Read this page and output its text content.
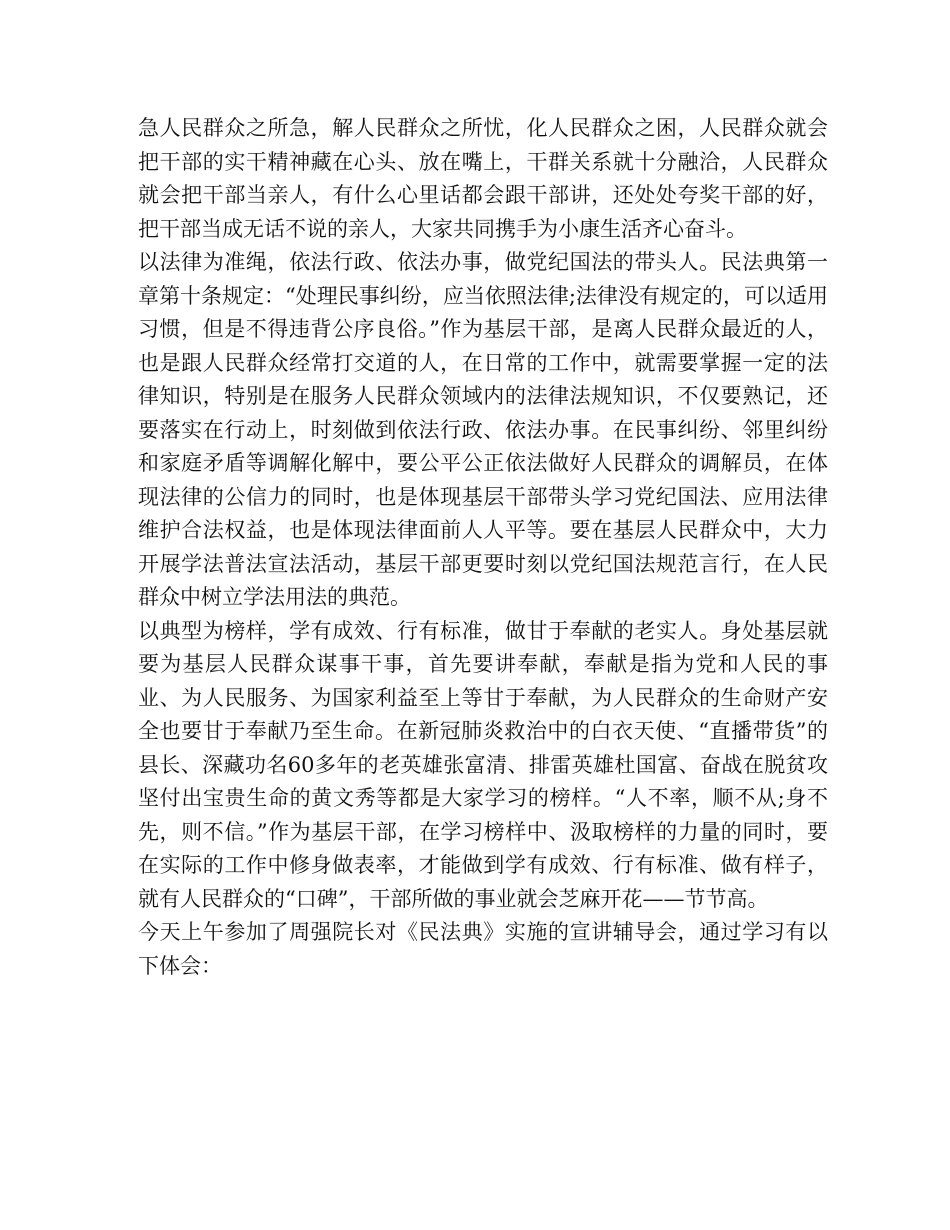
急人民群众之所急，解人民群众之所忧，化人民群众之困，人民群众就会把干部的实干精神藏在心头、放在嘴上，干群关系就十分融洽，人民群众就会把干部当亲人，有什么心里话都会跟干部讲，还处处夸奖干部的好，把干部当成无话不说的亲人，大家共同携手为小康生活齐心奋斗。

以法律为准绳，依法行政、依法办事，做党纪国法的带头人。民法典第一章第十条规定：“处理民事纠纷，应当依照法律;法律没有规定的，可以适用习惯，但是不得违背公序良俗。”作为基层干部，是离人民群众最近的人，也是跟人民群众经常打交道的人，在日常的工作中，就需要掌握一定的法律知识，特别是在服务人民群众领域内的法律法规知识，不仅要熟记，还要落实在行动上，时刻做到依法行政、依法办事。在民事纠纷、邻里纠纷和家庭矛盾等调解化解中，要公平公正依法做好人民群众的调解员，在体现法律的公信力的同时，也是体现基层干部带头学习党纪国法、应用法律维护合法权益，也是体现法律面前人人平等。要在基层人民群众中，大力开展学法普法宣法活动，基层干部更要时刻以党纪国法规范言行，在人民群众中树立学法用法的典范。

以典型为榜样，学有成效、行有标准，做甘于奉献的老实人。身处基层就要为基层人民群众谋事干事，首先要讲奉献，奉献是指为党和人民的事业、为人民服务、为国家利益至上等甘于奉献，为人民群众的生命财产安全也要甘于奉献乃至生命。在新冠肺炎救治中的白衣天使、“直播带货”的县长、深藏功名60多年的老英雄张富清、排雷英雄杜国富、奋战在脱贫攻坚付出宝贵生命的黄文秀等都是大家学习的榜样。“人不率，顺不从;身不先，则不信。”作为基层干部，在学习榜样中、汲取榜样的力量的同时，要在实际的工作中修身做表率，才能做到学有成效、行有标准、做有样子，就有人民群众的“口碑”，干部所做的事业就会芝麻开花——节节高。

今天上午参加了周强院长对《民法典》实施的宣讲辅导会，通过学习有以下体会：
